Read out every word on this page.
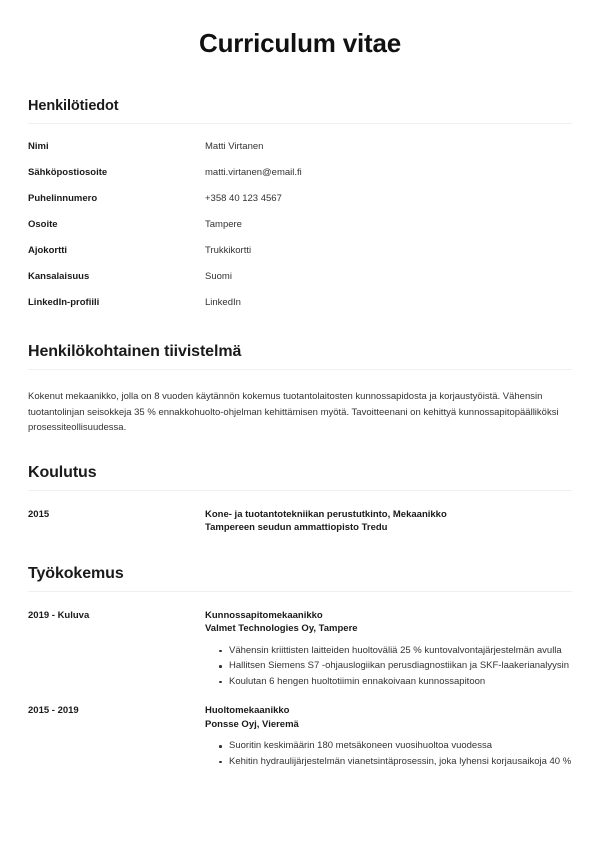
Curriculum vitae
Henkilötiedot
Nimi	Matti Virtanen
Sähköpostiosoite	matti.virtanen@email.fi
Puhelinnumero	+358 40 123 4567
Osoite	Tampere
Ajokortti	Trukkikortti
Kansalaisuus	Suomi
LinkedIn-profiili	LinkedIn
Henkilökohtainen tiivistelmä

Kokenut mekaanikko, jolla on 8 vuoden käytännön kokemus tuotantolaitosten kunnossapidosta ja korjaustyöistä. Vähensin tuotantolinjan seisokkeja 35 % ennakkohuolto-ohjelman kehittämisen myötä. Tavoitteenani on kehittyä kunnossapitopäälliköksi prosessiteollisuudessa.

Koulutus
2015	Kone- ja tuotantotekniikan perustutkinto, Mekaanikko
Tampereen seudun ammattiopisto Tredu
Työkokemus
2019 - Kuluva	Kunnossapitomekaanikko
Valmet Technologies Oy, Tampere
Vähensin kriittisten laitteiden huoltoväliä 25 % kuntovalvontajärjestelmän avulla
Hallitsen Siemens S7 -ohjauslogiikan perusdiagnostiikan ja SKF-laakerianalyysin
Koulutan 6 hengen huoltotiimin ennakoivaan kunnossapitoon
2015 - 2019	Huoltomekaanikko
Ponsse Oyj, Vieremä
Suoritin keskimäärin 180 metsäkoneen vuosihuoltoa vuodessa
Kehitin hydraulijärjestelmän vianetsintäprosessin, joka lyhensi korjausaikoja 40 %
